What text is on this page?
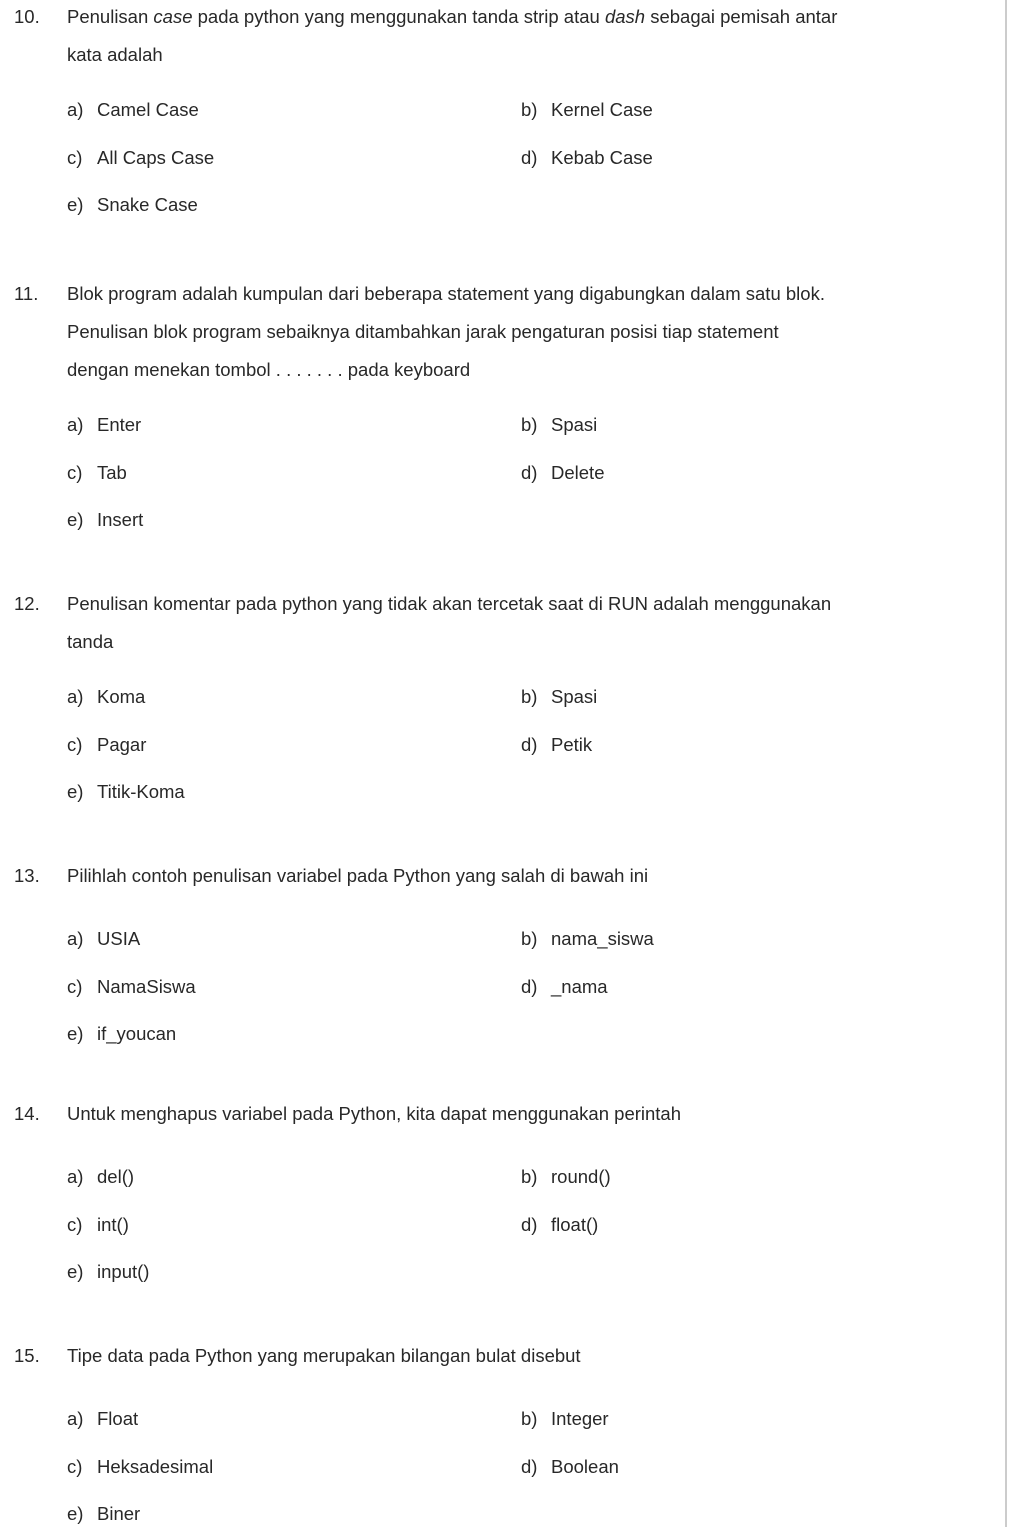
10.	Penulisan case pada python yang menggunakan tanda strip atau dash sebagai pemisah antar
kata adalah
a) Camel Case	b) Kernel Case
c) All Caps Case	d) Kebab Case
e) Snake Case
11.	Blok program adalah kumpulan dari beberapa statement yang digabungkan dalam satu blok.
Penulisan blok program sebaiknya ditambahkan jarak pengaturan posisi tiap statement
dengan menekan tombol . . . . . . . pada keyboard
a) Enter	b) Spasi
c) Tab	d) Delete
e) Insert
12.	Penulisan komentar pada python yang tidak akan tercetak saat di RUN adalah menggunakan
tanda
a) Koma	b) Spasi
c) Pagar	d) Petik
e) Titik-Koma
13.	Pilihlah contoh penulisan variabel pada Python yang salah di bawah ini
a) USIA	b) nama_siswa
c) NamaSiswa	d) _nama
e) if_youcan
14.	Untuk menghapus variabel pada Python, kita dapat menggunakan perintah
a) del()	b) round()
c) int()	d) float()
e) input()
15.	Tipe data pada Python yang merupakan bilangan bulat disebut
a) Float	b) Integer
c) Heksadesimal	d) Boolean
e) Biner
